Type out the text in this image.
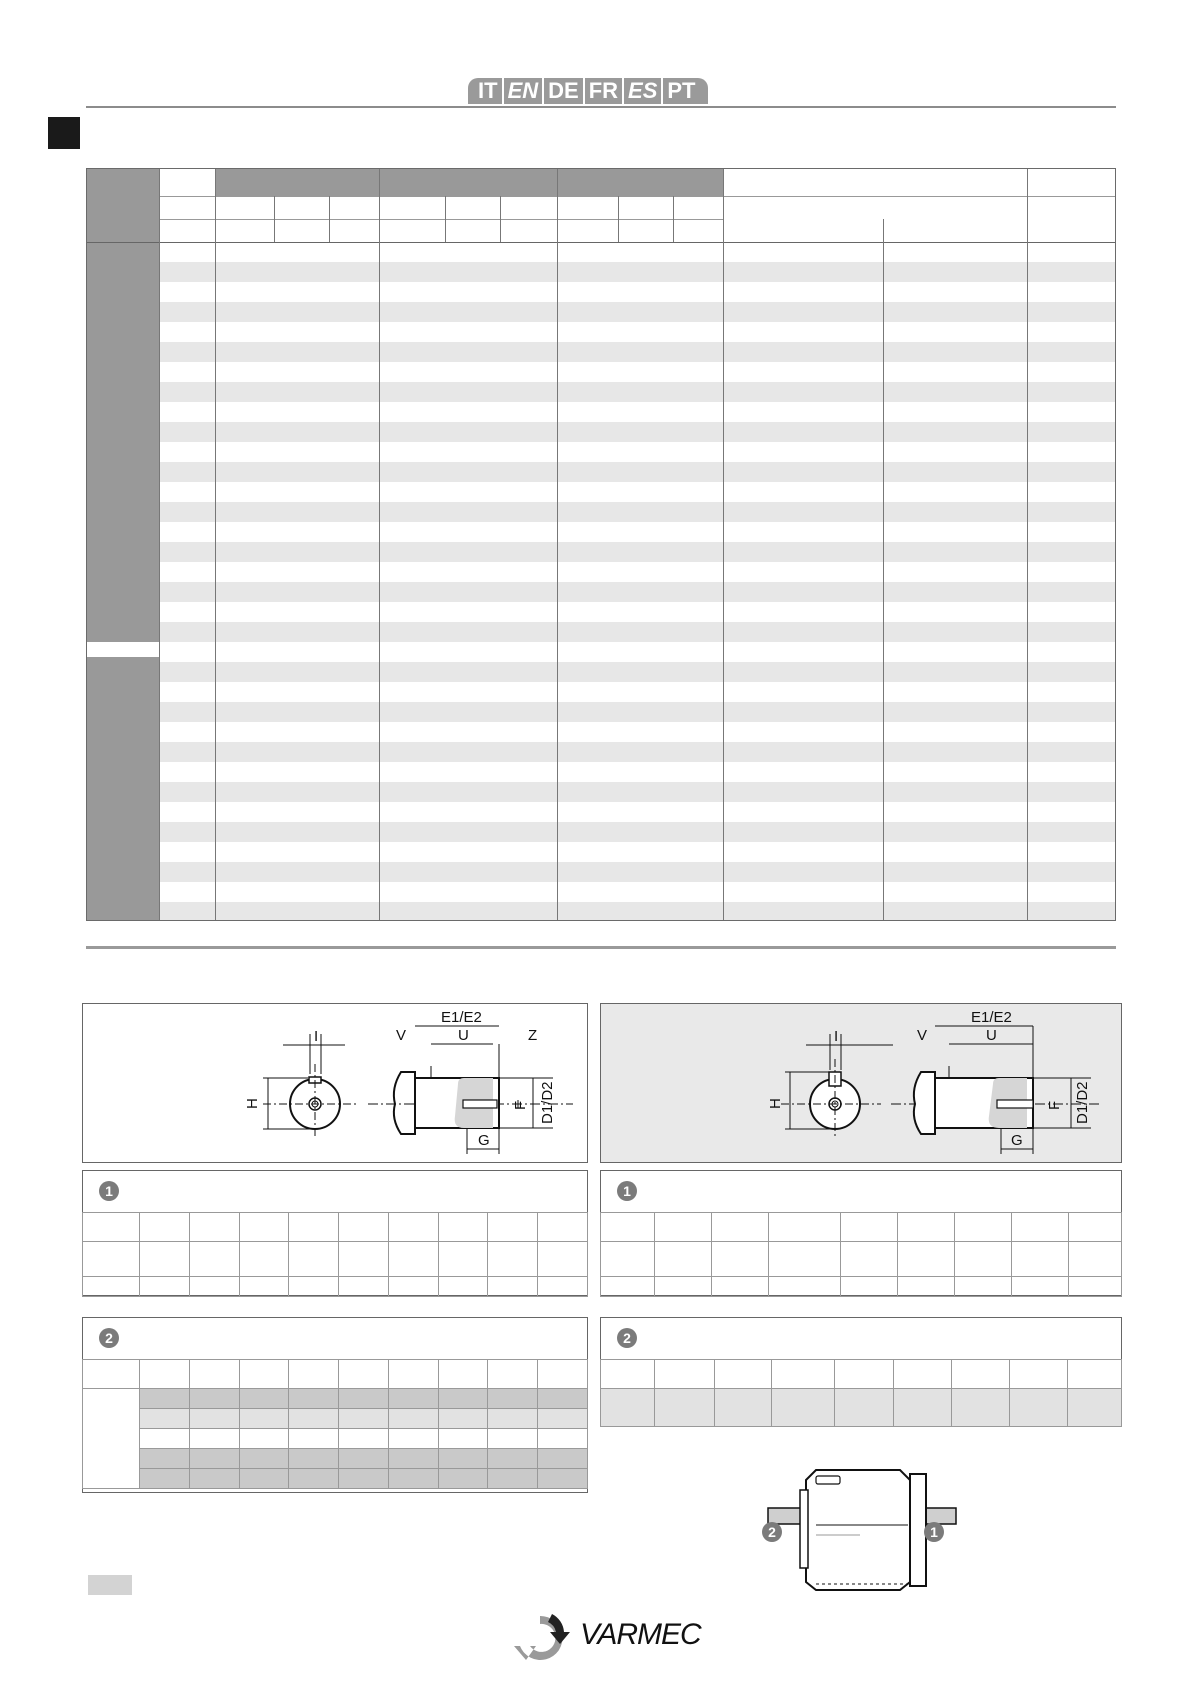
IT EN DE FR ES PT
I
H
E1/E2
U
V	Z
F D1/D2
G
I
H
E1/E2
U
V
F D1/D2
G
1

										1

2

									2

2	1
VARMEC
